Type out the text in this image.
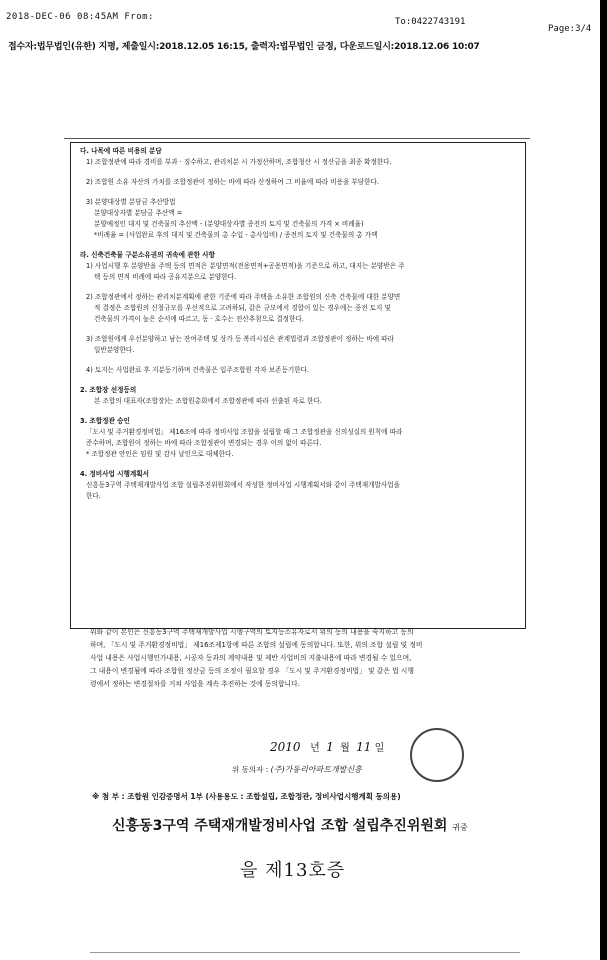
2018-DEC-06 08:45AM From:	To:0422743191
Page:3/4
접수자:법무법인(유한) 지평, 제출일시:2018.12.05 16:15, 출력자:법무법인 금정, 다운로드일시:2018.12.06 10:07
다. 나목에 따른 비용의 분담
1) 조합정관에 따라 경비를 부과 · 징수하고, 관리처분 시 가정산하며, 조합청산 시 정산금을 최종 확정한다.
2) 조합원 소유 자산의 가치를 조합정관이 정하는 바에 따라 산정하여 그 비율에 따라 비용을 부담한다.
3) 분양대상별 분담금 추산방법
분양대상자별 분담금 추산액 =
분양예정인 대지 및 건축물의 추산액 - (분양대상자별 종전의 토지 및 건축물의 가격 × 비례율)
*비례율 = (사업완료 후의 대지 및 건축물의 총 수입 - 총사업비) / 종전의 토지 및 건축물의 총 가액
라. 신축건축물 구분소유권의 귀속에 관한 사항
1) 사업시행 후 분양받을 주택 등의 면적은 분양면적(전용면적+공용면적)을 기준으로 하고, 대지는 분양받은 주
택 등의 면적 비례에 따라 공유지분으로 분양한다.
2) 조합정관에서 정하는 관리처분계획에 관한 기준에 따라 주택을 소유한 조합원의 신축 건축물에 대한 분양면
적 결정은 조합원의 신청규모를 우선적으로 고려하되, 같은 규모에서 경합이 있는 경우에는 종전 토지 및
건축물의 가격이 높은 순서에 따르고, 동 · 호수는 전산추첨으로 결정한다.
3) 조합원에게 우선분양하고 남는 잔여주택 및 상가 등 복리시설은 관계법령과 조합정관이 정하는 바에 따라
일반분양한다.
4) 토지는 사업완료 후 지분등기하며 건축물은 입주조합원 각자 보존등기한다.
2. 조합장 선정등의
본 조합의 대표자(조합장)는 조합원총회에서 조합정관에 따라 선출된 자로 한다.
3. 조합정관 승인
「도시 및 주거환경정비법」 제16조에 따라 정비사업 조합을 설립할 때 그 조합정관을 신의성실의 원칙에 따라
준수하며, 조합원이 정하는 바에 따라 조합정관이 변경되는 경우 이의 없이 따른다.
* 조합정관 안인은 임원 및 감사 날인으로 대체한다.
4. 정비사업 시행계획서
신흥동3구역 주택재개발사업 조합 설립추진위원회에서 작성한 정비사업 시행계획서와 같이 주택재개발사업을
한다.
위와 같이 본인은 신흥동3구역 주택재개발사업 시행구역의 토지등소유자로서 위의 동의 내용을 숙지하고 동의
하며, 「도시 및 주거환경정비법」 제16조제1항에 따른 조합의 설립에 동의합니다. 또한, 위의 조합 설립 및 정비
사업 내용은 사업시행인가내용, 시공자 등과의 계약내용 및 제반 사업비의 지출내용에 따라 변경될 수 있으며,
그 내용이 변경됨에 따라 조합원 정산금 등의 조정이 필요할 경우 「도시 및 주거환경정비법」 및 같은 법 시행
령에서 정하는 변경절차를 거쳐 사업을 계속 추진하는 것에 동의합니다.
2010 년 1 월 11 일
위 동의자 : (주)가동리아파트개발신흥
※ 첨 부 : 조합원 인감증명서 1부 (사용용도 : 조합설립, 조합정관, 정비사업시행계획 동의용)
신흥동3구역 주택재개발정비사업 조합 설립추진위원회 귀중
을 제13호증
